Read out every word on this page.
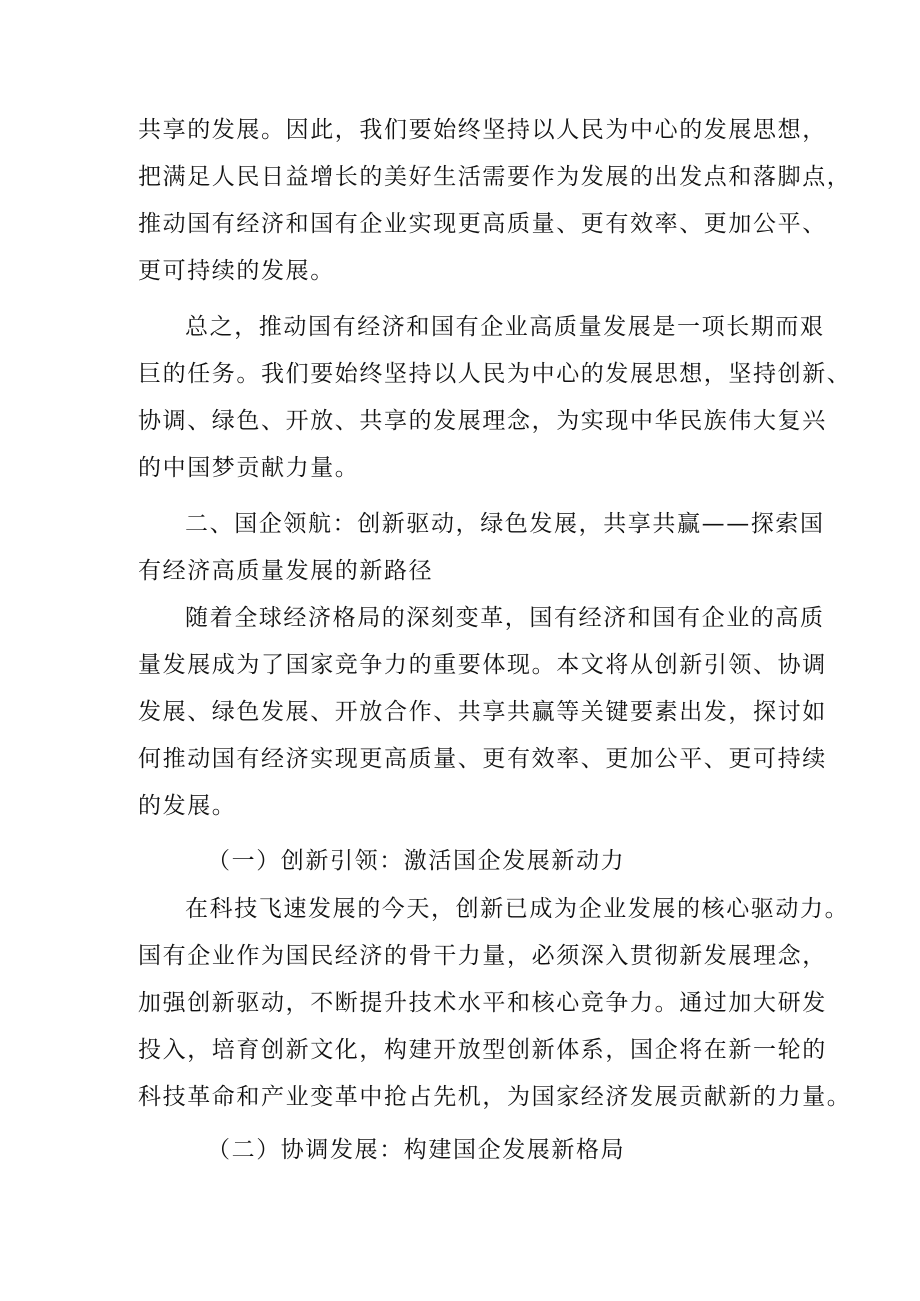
共享的发展。因此，我们要始终坚持以人民为中心的发展思想，
把满足人民日益增长的美好生活需要作为发展的出发点和落脚点，
推动国有经济和国有企业实现更高质量、更有效率、更加公平、
更可持续的发展。
总之，推动国有经济和国有企业高质量发展是一项长期而艰
巨的任务。我们要始终坚持以人民为中心的发展思想，坚持创新、
协调、绿色、开放、共享的发展理念，为实现中华民族伟大复兴
的中国梦贡献力量。
二、国企领航：创新驱动，绿色发展，共享共赢——探索国
有经济高质量发展的新路径
随着全球经济格局的深刻变革，国有经济和国有企业的高质
量发展成为了国家竞争力的重要体现。本文将从创新引领、协调
发展、绿色发展、开放合作、共享共赢等关键要素出发，探讨如
何推动国有经济实现更高质量、更有效率、更加公平、更可持续
的发展。
（一）创新引领：激活国企发展新动力
在科技飞速发展的今天，创新已成为企业发展的核心驱动力。
国有企业作为国民经济的骨干力量，必须深入贯彻新发展理念，
加强创新驱动，不断提升技术水平和核心竞争力。通过加大研发
投入，培育创新文化，构建开放型创新体系，国企将在新一轮的
科技革命和产业变革中抢占先机，为国家经济发展贡献新的力量。
（二）协调发展：构建国企发展新格局
